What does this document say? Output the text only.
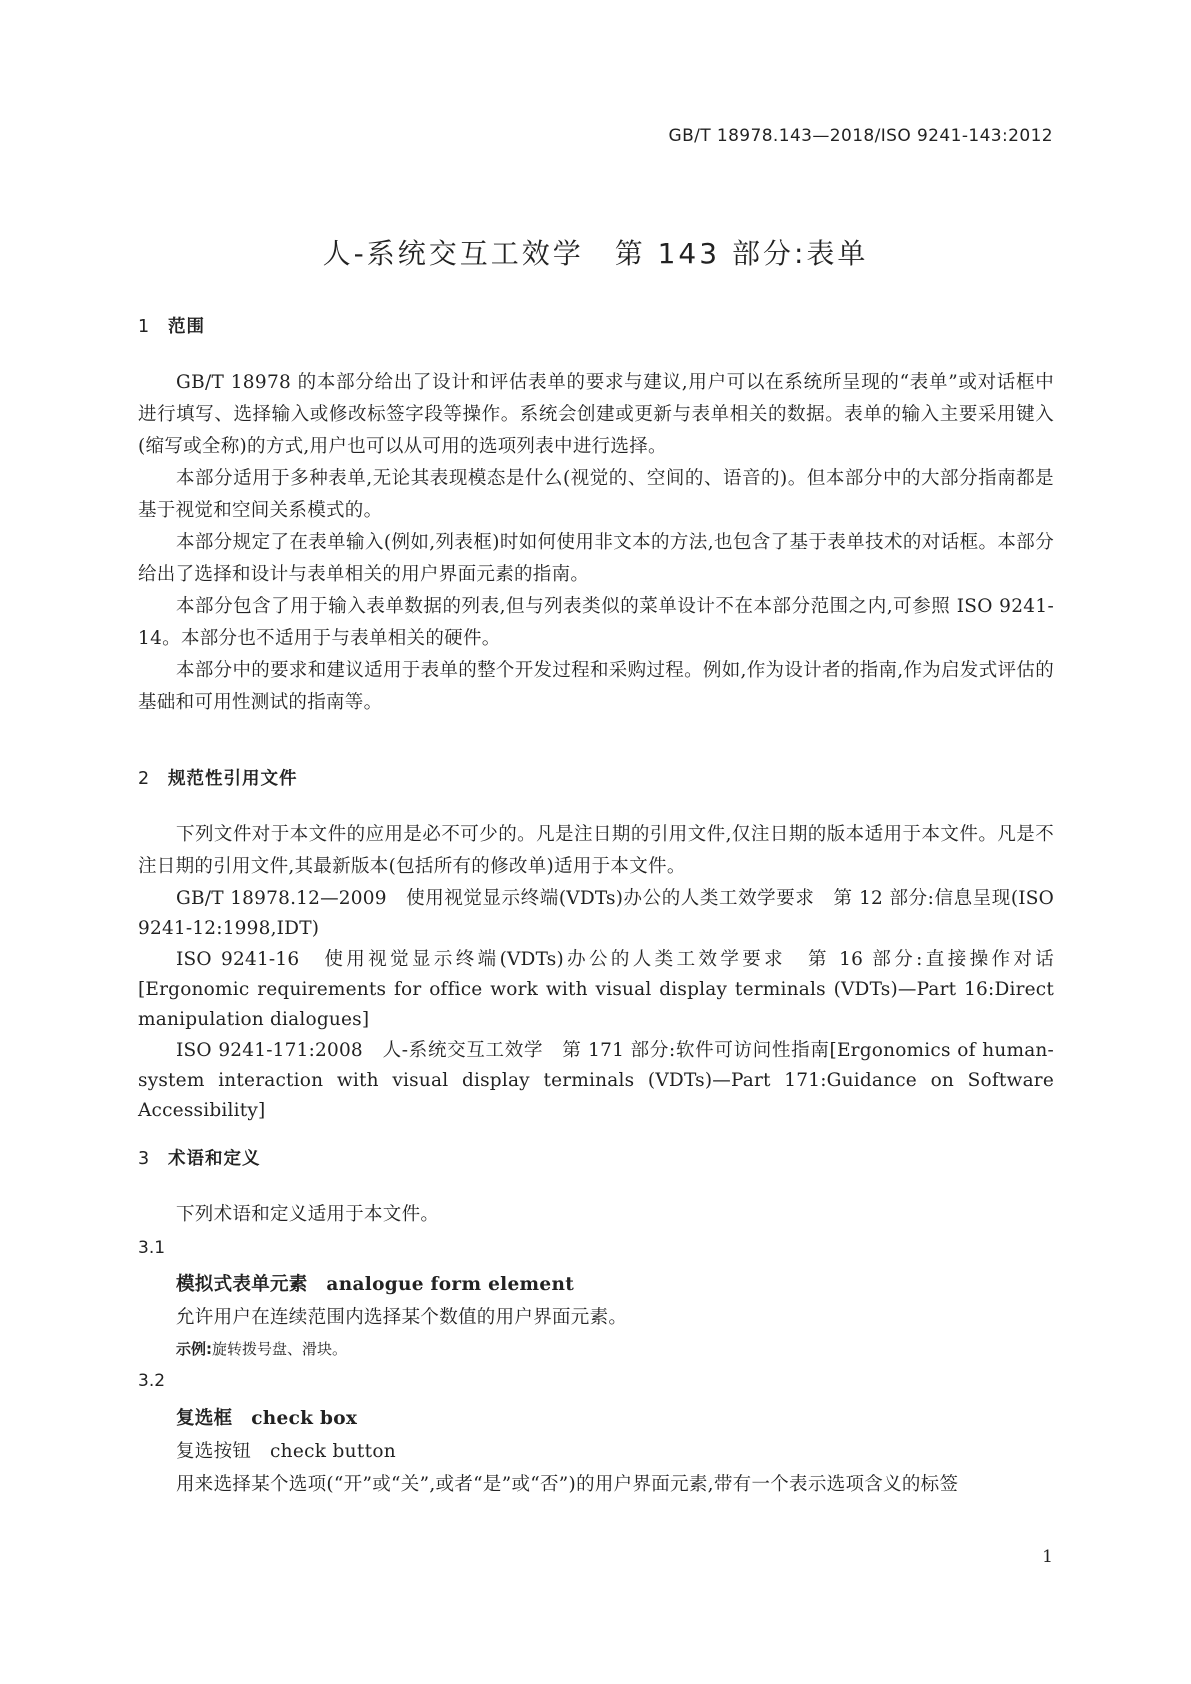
GB/T 18978.143—2018/ISO 9241-143:2012
人-系统交互工效学　第 143 部分:表单
1 范围
GB/T 18978 的本部分给出了设计和评估表单的要求与建议,用户可以在系统所呈现的“表单”或对话框中进行填写、选择输入或修改标签字段等操作。系统会创建或更新与表单相关的数据。表单的输入主要采用键入(缩写或全称)的方式,用户也可以从可用的选项列表中进行选择。
本部分适用于多种表单,无论其表现模态是什么(视觉的、空间的、语音的)。但本部分中的大部分指南都是基于视觉和空间关系模式的。
本部分规定了在表单输入(例如,列表框)时如何使用非文本的方法,也包含了基于表单技术的对话框。本部分给出了选择和设计与表单相关的用户界面元素的指南。
本部分包含了用于输入表单数据的列表,但与列表类似的菜单设计不在本部分范围之内,可参照 ISO 9241-14。本部分也不适用于与表单相关的硬件。
本部分中的要求和建议适用于表单的整个开发过程和采购过程。例如,作为设计者的指南,作为启发式评估的基础和可用性测试的指南等。
2 规范性引用文件
下列文件对于本文件的应用是必不可少的。凡是注日期的引用文件,仅注日期的版本适用于本文件。凡是不注日期的引用文件,其最新版本(包括所有的修改单)适用于本文件。
GB/T 18978.12—2009　使用视觉显示终端(VDTs)办公的人类工效学要求　第 12 部分:信息呈现(ISO 9241-12:1998,IDT)
ISO 9241-16　使用视觉显示终端(VDTs)办公的人类工效学要求　第 16 部分:直接操作对话[Ergonomic requirements for office work with visual display terminals (VDTs)—Part 16:Direct manipulation dialogues]
ISO 9241-171:2008　人-系统交互工效学　第 171 部分:软件可访问性指南[Ergonomics of human-system interaction with visual display terminals (VDTs)—Part 171:Guidance on Software Accessibility]
3 术语和定义
下列术语和定义适用于本文件。
3.1
模拟式表单元素  analogue form element
允许用户在连续范围内选择某个数值的用户界面元素。
示例:旋转拨号盘、滑块。
3.2
复选框  check box
复选按钮  check button
用来选择某个选项(“开”或“关”,或者“是”或“否”)的用户界面元素,带有一个表示选项含义的标签
1
